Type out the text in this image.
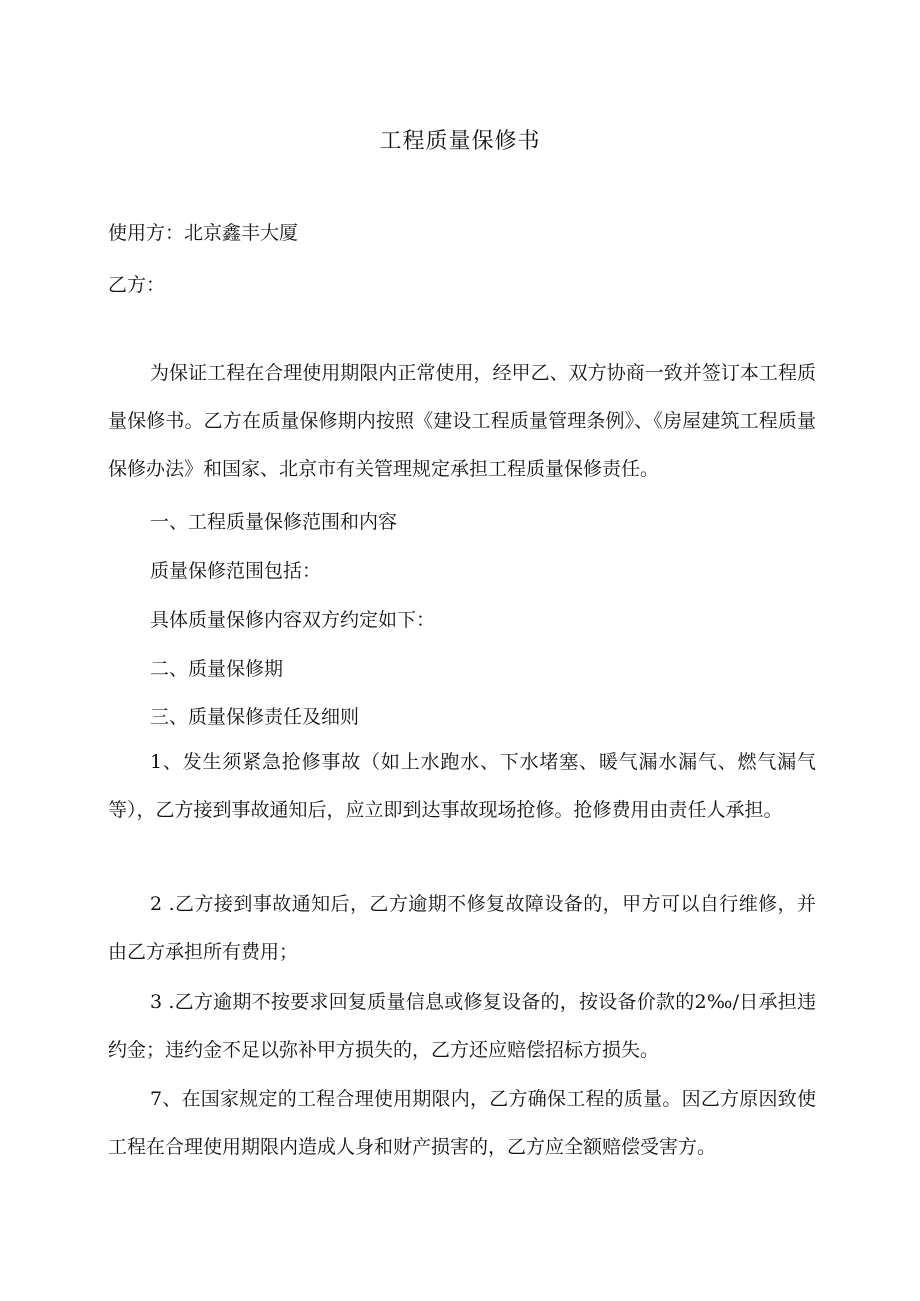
工程质量保修书
使用方：北京鑫丰大厦
乙方：
为保证工程在合理使用期限内正常使用，经甲乙、双方协商一致并签订本工程质量保修书。乙方在质量保修期内按照《建设工程质量管理条例》、《房屋建筑工程质量保修办法》和国家、北京市有关管理规定承担工程质量保修责任。
一、工程质量保修范围和内容
质量保修范围包括：
具体质量保修内容双方约定如下：
二、质量保修期
三、质量保修责任及细则
1、发生须紧急抢修事故（如上水跑水、下水堵塞、暖气漏水漏气、燃气漏气等），乙方接到事故通知后，应立即到达事故现场抢修。抢修费用由责任人承担。
2 .乙方接到事故通知后，乙方逾期不修复故障设备的，甲方可以自行维修，并由乙方承担所有费用；
3 .乙方逾期不按要求回复质量信息或修复设备的，按设备价款的2‰/日承担违约金；违约金不足以弥补甲方损失的，乙方还应赔偿招标方损失。
7、在国家规定的工程合理使用期限内，乙方确保工程的质量。因乙方原因致使工程在合理使用期限内造成人身和财产损害的，乙方应全额赔偿受害方。
